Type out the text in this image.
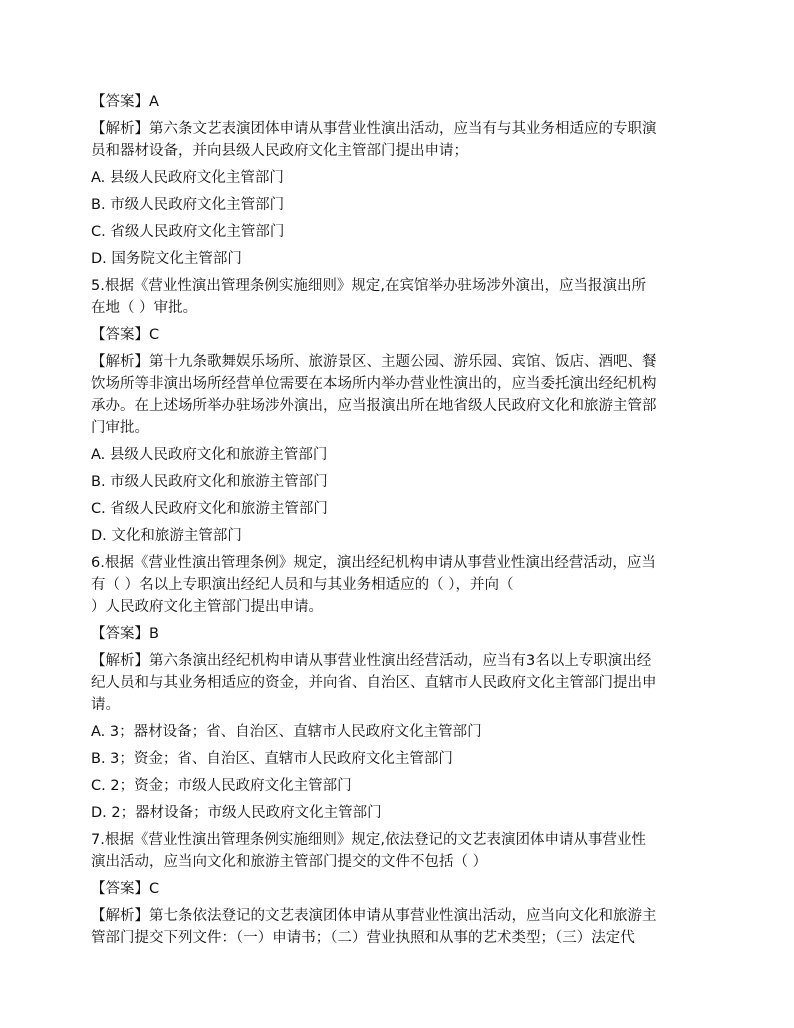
【答案】A
【解析】第六条文艺表演团体申请从事营业性演出活动，应当有与其业务相适应的专职演
员和器材设备，并向县级人民政府文化主管部门提出申请；
A. 县级人民政府文化主管部门
B. 市级人民政府文化主管部门
C. 省级人民政府文化主管部门
D. 国务院文化主管部门
5.根据《营业性演出管理条例实施细则》规定,在宾馆举办驻场涉外演出，应当报演出所
在地（ ）审批。
【答案】C
【解析】第十九条歌舞娱乐场所、旅游景区、主题公园、游乐园、宾馆、饭店、酒吧、餐
饮场所等非演出场所经营单位需要在本场所内举办营业性演出的，应当委托演出经纪机构
承办。在上述场所举办驻场涉外演出，应当报演出所在地省级人民政府文化和旅游主管部
门审批。
A. 县级人民政府文化和旅游主管部门
B. 市级人民政府文化和旅游主管部门
C. 省级人民政府文化和旅游主管部门
D. 文化和旅游主管部门
6.根据《营业性演出管理条例》规定，演出经纪机构申请从事营业性演出经营活动，应当
有（ ）名以上专职演出经纪人员和与其业务相适应的（ ），并向（
）人民政府文化主管部门提出申请。
【答案】B
【解析】第六条演出经纪机构申请从事营业性演出经营活动，应当有3名以上专职演出经
纪人员和与其业务相适应的资金，并向省、自治区、直辖市人民政府文化主管部门提出申
请。
A. 3；器材设备；省、自治区、直辖市人民政府文化主管部门
B. 3；资金；省、自治区、直辖市人民政府文化主管部门
C. 2；资金；市级人民政府文化主管部门
D. 2；器材设备；市级人民政府文化主管部门
7.根据《营业性演出管理条例实施细则》规定,依法登记的文艺表演团体申请从事营业性
演出活动，应当向文化和旅游主管部门提交的文件不包括（ ）
【答案】C
【解析】第七条依法登记的文艺表演团体申请从事营业性演出活动，应当向文化和旅游主
管部门提交下列文件：（一）申请书；（二）营业执照和从事的艺术类型；（三）法定代
